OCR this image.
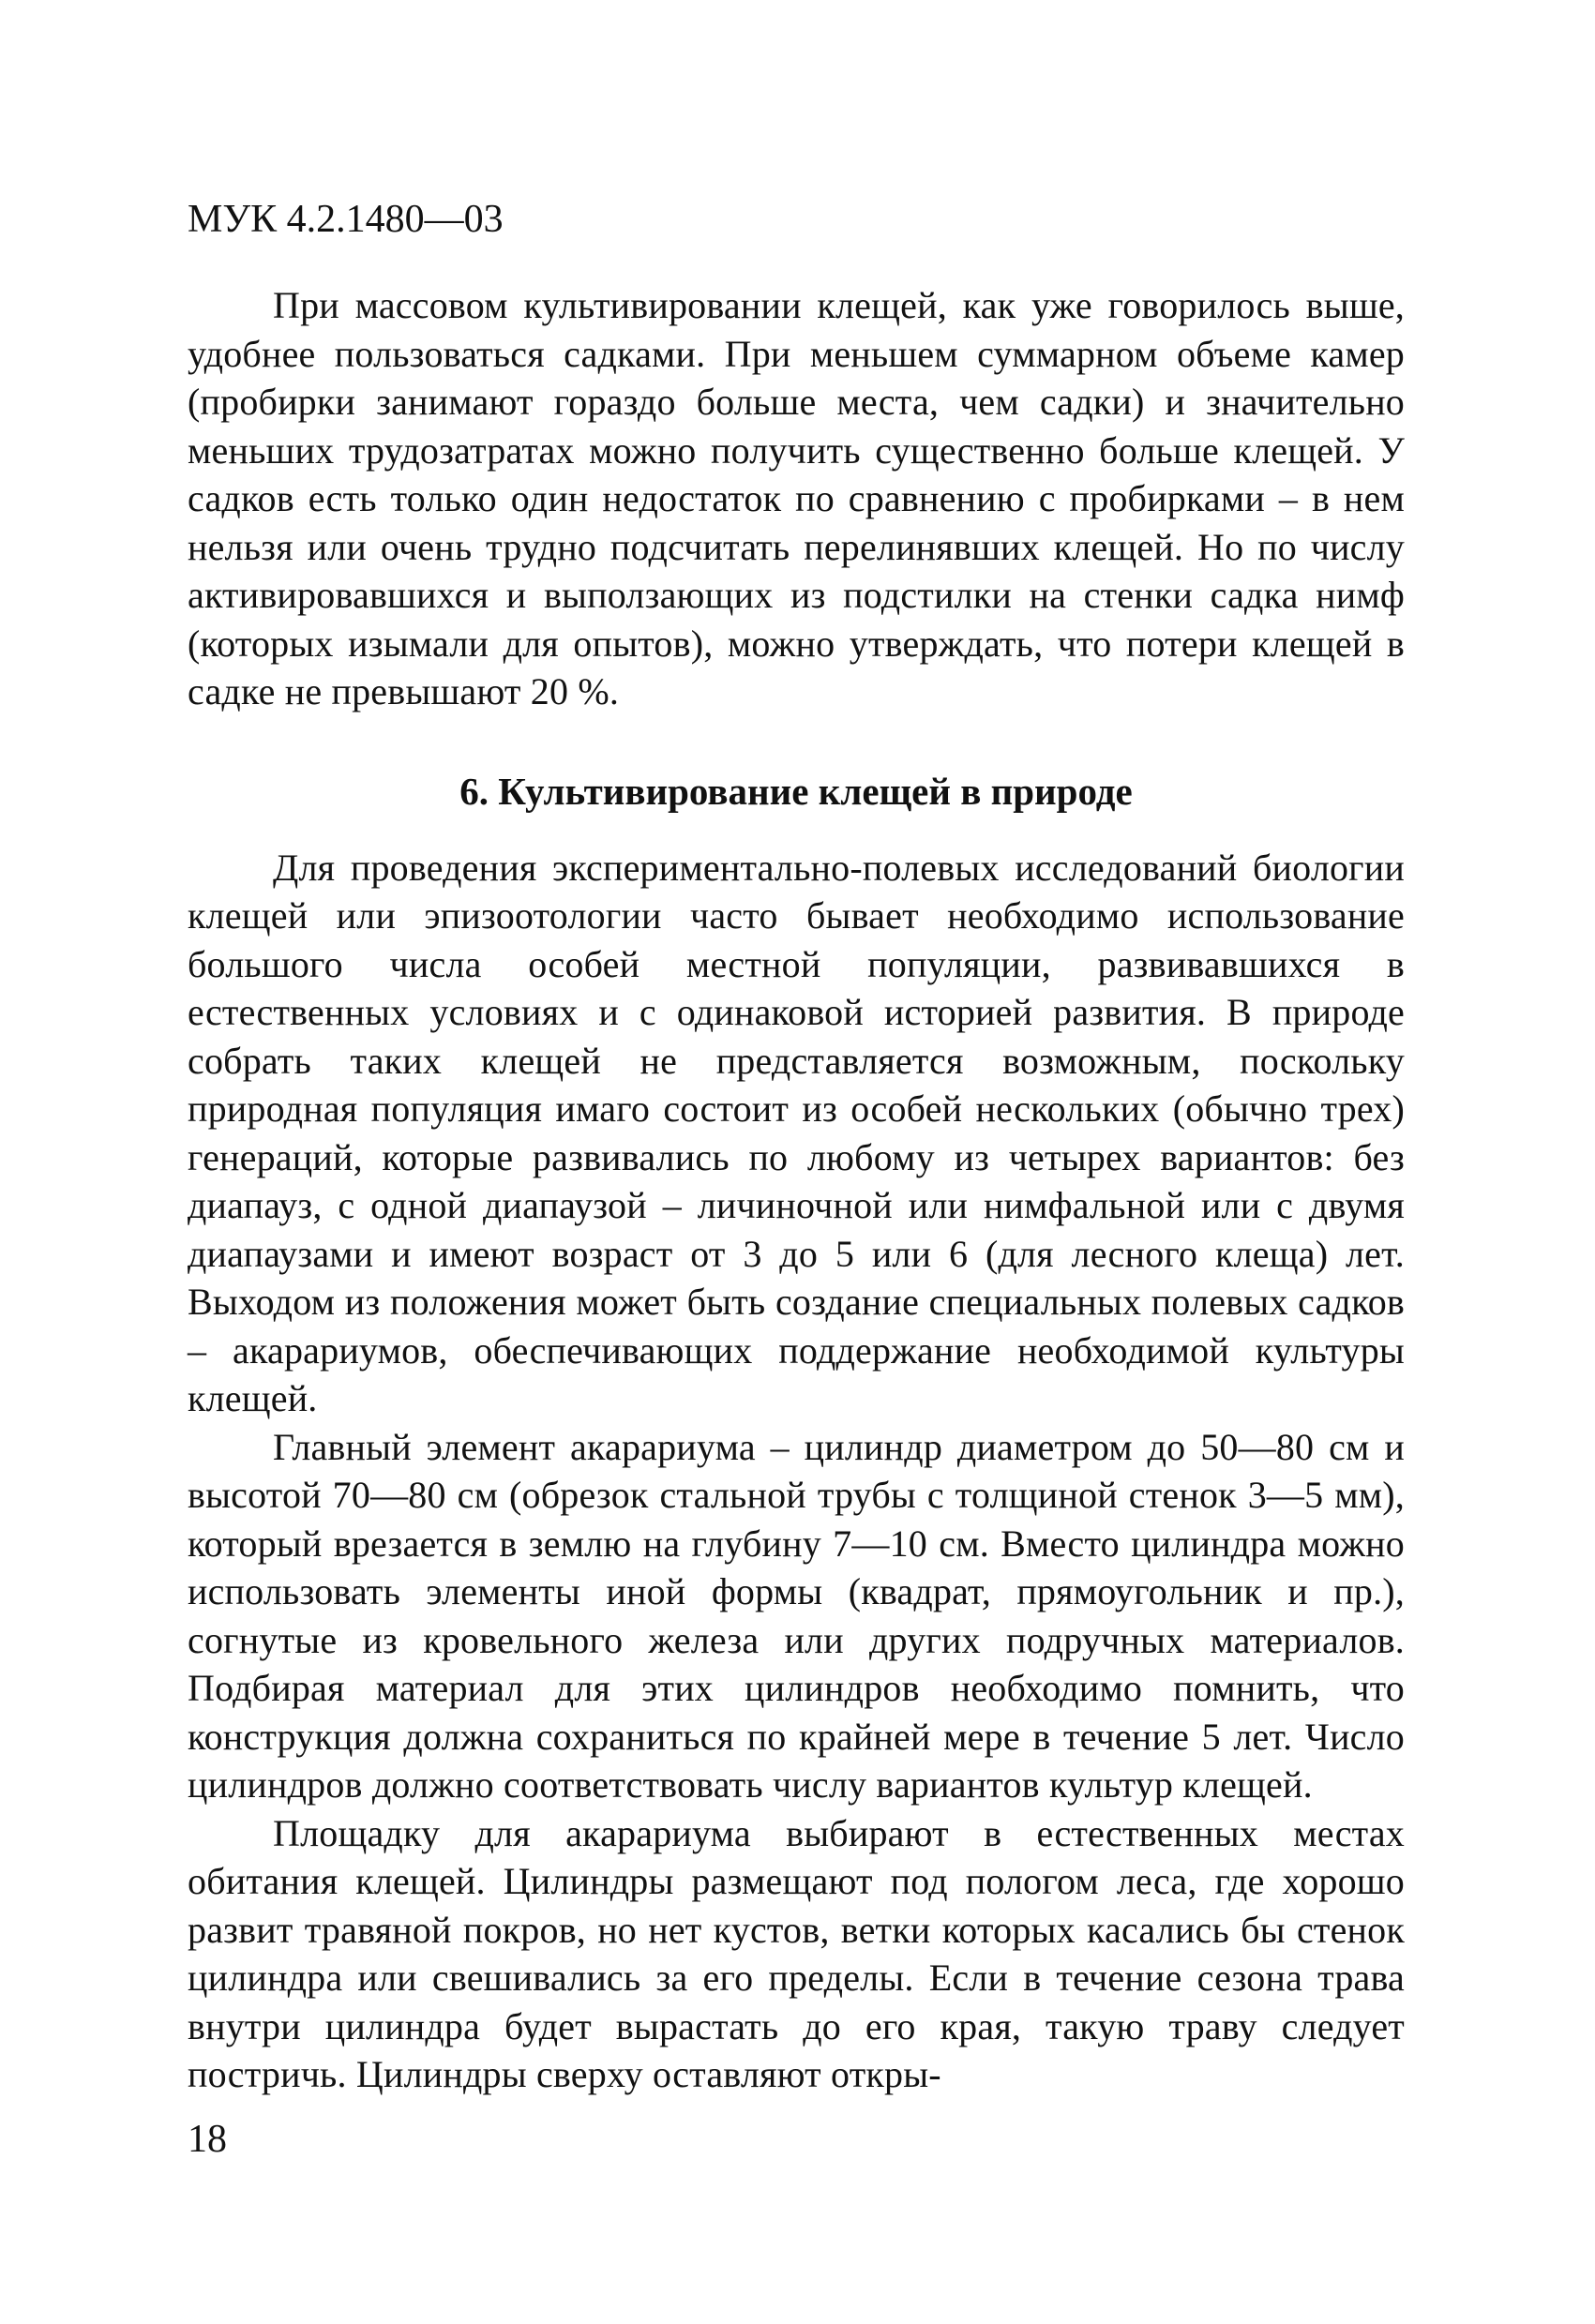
МУК 4.2.1480—03

При массовом культивировании клещей, как уже говорилось выше, удобнее пользоваться садками. При меньшем суммарном объеме камер (пробирки занимают гораздо больше места, чем садки) и значительно меньших трудозатратах можно получить существенно больше клещей. У садков есть только один недостаток по сравнению с пробирками – в нем нельзя или очень трудно подсчитать перелинявших клещей. Но по числу активировавшихся и выползающих из подстилки на стенки садка нимф (которых изымали для опытов), можно утверждать, что потери клещей в садке не превышают 20 %.

6. Культивирование клещей в природе

Для проведения экспериментально-полевых исследований биологии клещей или эпизоотологии часто бывает необходимо использование большого числа особей местной популяции, развивавшихся в естественных условиях и с одинаковой историей развития. В природе собрать таких клещей не представляется возможным, поскольку природная популяция имаго состоит из особей нескольких (обычно трех) генераций, которые развивались по любому из четырех вариантов: без диапауз, с одной диапаузой – личиночной или нимфальной или с двумя диапаузами и имеют возраст от 3 до 5 или 6 (для лесного клеща) лет. Выходом из положения может быть создание специальных полевых садков – акарариумов, обеспечивающих поддержание необходимой культуры клещей.

Главный элемент акарариума – цилиндр диаметром до 50—80 см и высотой 70—80 см (обрезок стальной трубы с толщиной стенок 3—5 мм), который врезается в землю на глубину 7—10 см. Вместо цилиндра можно использовать элементы иной формы (квадрат, прямоугольник и пр.), согнутые из кровельного железа или других подручных материалов. Подбирая материал для этих цилиндров необходимо помнить, что конструкция должна сохраниться по крайней мере в течение 5 лет. Число цилиндров должно соответствовать числу вариантов культур клещей.

Площадку для акарариума выбирают в естественных местах обитания клещей. Цилиндры размещают под пологом леса, где хорошо развит травяной покров, но нет кустов, ветки которых касались бы стенок цилиндра или свешивались за его пределы. Если в течение сезона трава внутри цилиндра будет вырастать до его края, такую траву следует постричь. Цилиндры сверху оставляют откры-

18
